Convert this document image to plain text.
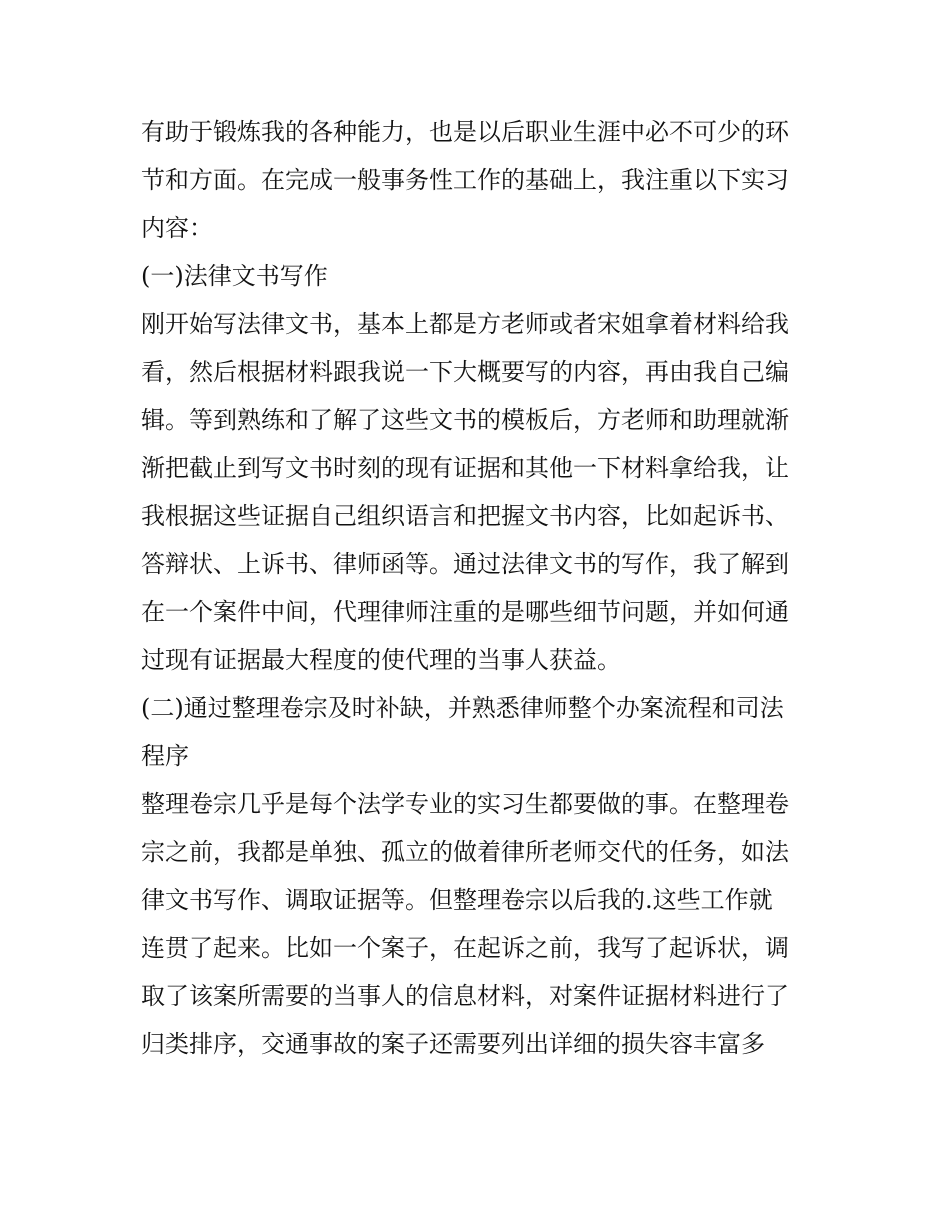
有助于锻炼我的各种能力，也是以后职业生涯中必不可少的环
节和方面。在完成一般事务性工作的基础上，我注重以下实习
内容：
(一)法律文书写作
刚开始写法律文书，基本上都是方老师或者宋姐拿着材料给我
看，然后根据材料跟我说一下大概要写的内容，再由我自己编
辑。等到熟练和了解了这些文书的模板后，方老师和助理就渐
渐把截止到写文书时刻的现有证据和其他一下材料拿给我，让
我根据这些证据自己组织语言和把握文书内容，比如起诉书、
答辩状、上诉书、律师函等。通过法律文书的写作，我了解到
在一个案件中间，代理律师注重的是哪些细节问题，并如何通
过现有证据最大程度的使代理的当事人获益。
(二)通过整理卷宗及时补缺，并熟悉律师整个办案流程和司法
程序
整理卷宗几乎是每个法学专业的实习生都要做的事。在整理卷
宗之前，我都是单独、孤立的做着律所老师交代的任务，如法
律文书写作、调取证据等。但整理卷宗以后我的.这些工作就
连贯了起来。比如一个案子，在起诉之前，我写了起诉状，调
取了该案所需要的当事人的信息材料，对案件证据材料进行了
归类排序，交通事故的案子还需要列出详细的损失容丰富多
